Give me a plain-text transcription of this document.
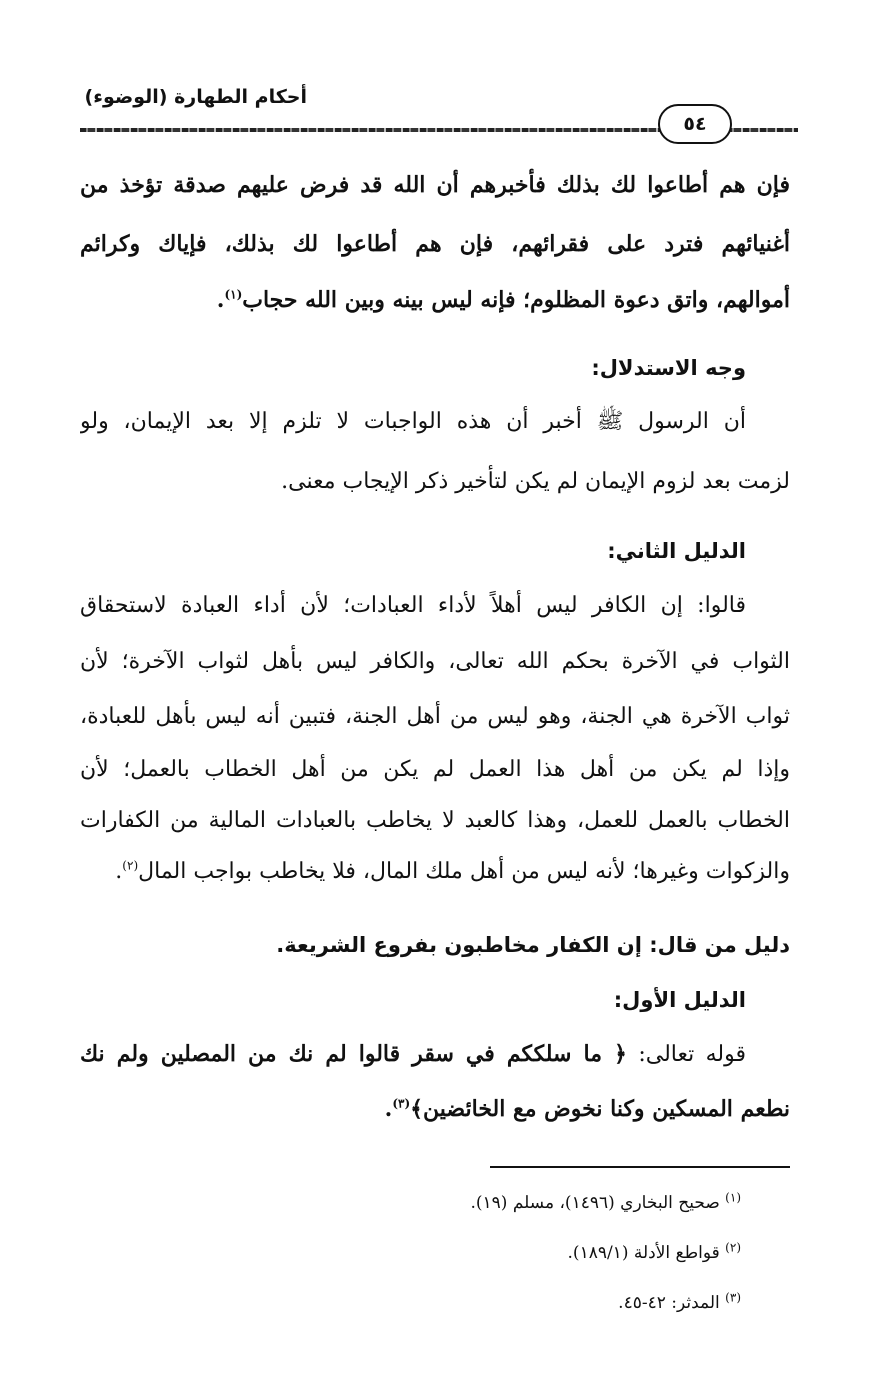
أحكام الطهارة (الوضوء)
٥٤
فإن هم أطاعوا لك بذلك فأخبرهم أن الله قد فرض عليهم صدقة تؤخذ من
أغنيائهم فترد على فقرائهم، فإن هم أطاعوا لك بذلك، فإياك وكرائم
أموالهم، واتق دعوة المظلوم؛ فإنه ليس بينه وبين الله حجاب$^{(١)}$.
وجه الاستدلال:
أن الرسول ﷺ أخبر أن هذه الواجبات لا تلزم إلا بعد الإيمان، ولو
لزمت بعد لزوم الإيمان لم يكن لتأخير ذكر الإيجاب معنى.
الدليل الثاني:
قالوا: إن الكافر ليس أهلاً لأداء العبادات؛ لأن أداء العبادة لاستحقاق
الثواب في الآخرة بحكم الله تعالى، والكافر ليس بأهل لثواب الآخرة؛ لأن
ثواب الآخرة هي الجنة، وهو ليس من أهل الجنة، فتبين أنه ليس بأهل للعبادة،
وإذا لم يكن من أهل هذا العمل لم يكن من أهل الخطاب بالعمل؛ لأن
الخطاب بالعمل للعمل، وهذا كالعبد لا يخاطب بالعبادات المالية من الكفارات
والزكوات وغيرها؛ لأنه ليس من أهل ملك المال، فلا يخاطب بواجب المال$^{(٢)}$.
دليل من قال: إن الكفار مخاطبون بفروع الشريعة.
الدليل الأول:
قوله تعالى: ﴿ ما سلككم في سقر قالوا لم نك من المصلين ولم نك
نطعم المسكين وكنا نخوض مع الخائضين﴾$^{(٣)}$.
$^{(١)}$ صحيح البخاري (١٤٩٦)، مسلم (١٩).
$^{(٢)}$ قواطع الأدلة (١٨٩/١).
$^{(٣)}$ المدثر: ٤٢-٤٥.
